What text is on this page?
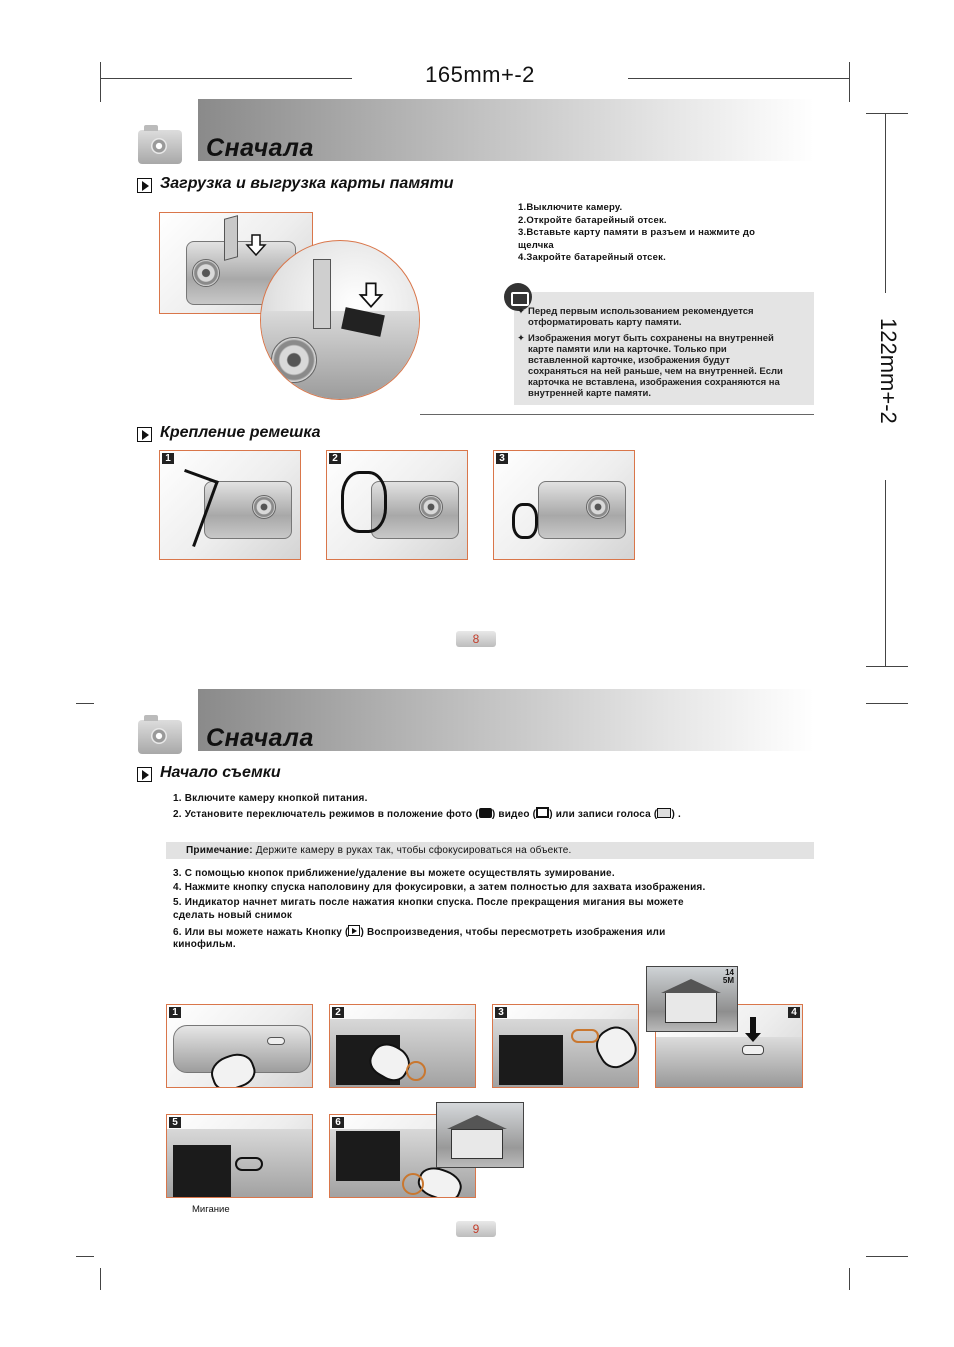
165mm+-2
122mm+-2
Сначала
Загрузка и выгрузка карты памяти
1.Выключите камеру.
2.Откройте батарейный отсек.
3.Вставьте карту памяти в разъем и нажмите до
щелчка
4.Закройте батарейный отсек.
✦ Перед первым использованием рекомендуется
отформатировать карту памяти.
✦ Изображения могут быть сохранены на внутренней
карте памяти или на карточке. Только при
вставленной карточке, изображения будут
сохраняться на ней раньше, чем на внутренней. Если
карточка не вставлена, изображения сохраняются на
внутренней карте памяти.
Крепление ремешка
1	2	3
8
Сначала
Начало съемки
1. Включите камеру кнопкой питания.
2. Установите переключатель режимов в положение фото ( ) видео ( ) или записи голоса ( ) .
Примечание: Держите камеру в руках так, чтобы сфокусироваться на объекте.
3. С помощью кнопок приближение/удаление вы можете осуществлять зумирование.
4. Нажмите кнопку спуска наполовину для фокусировки, а затем полностью для захвата изображения.
5. Индикатор начнет мигать после нажатия кнопки спуска. После прекращения мигания вы можете
сделать новый снимок
6. Или вы можете нажать Кнопку ( ) Воспроизведения, чтобы пересмотреть изображения или
кинофильм.
1	2	3	4
14
5M
5
Мигание
6
9
